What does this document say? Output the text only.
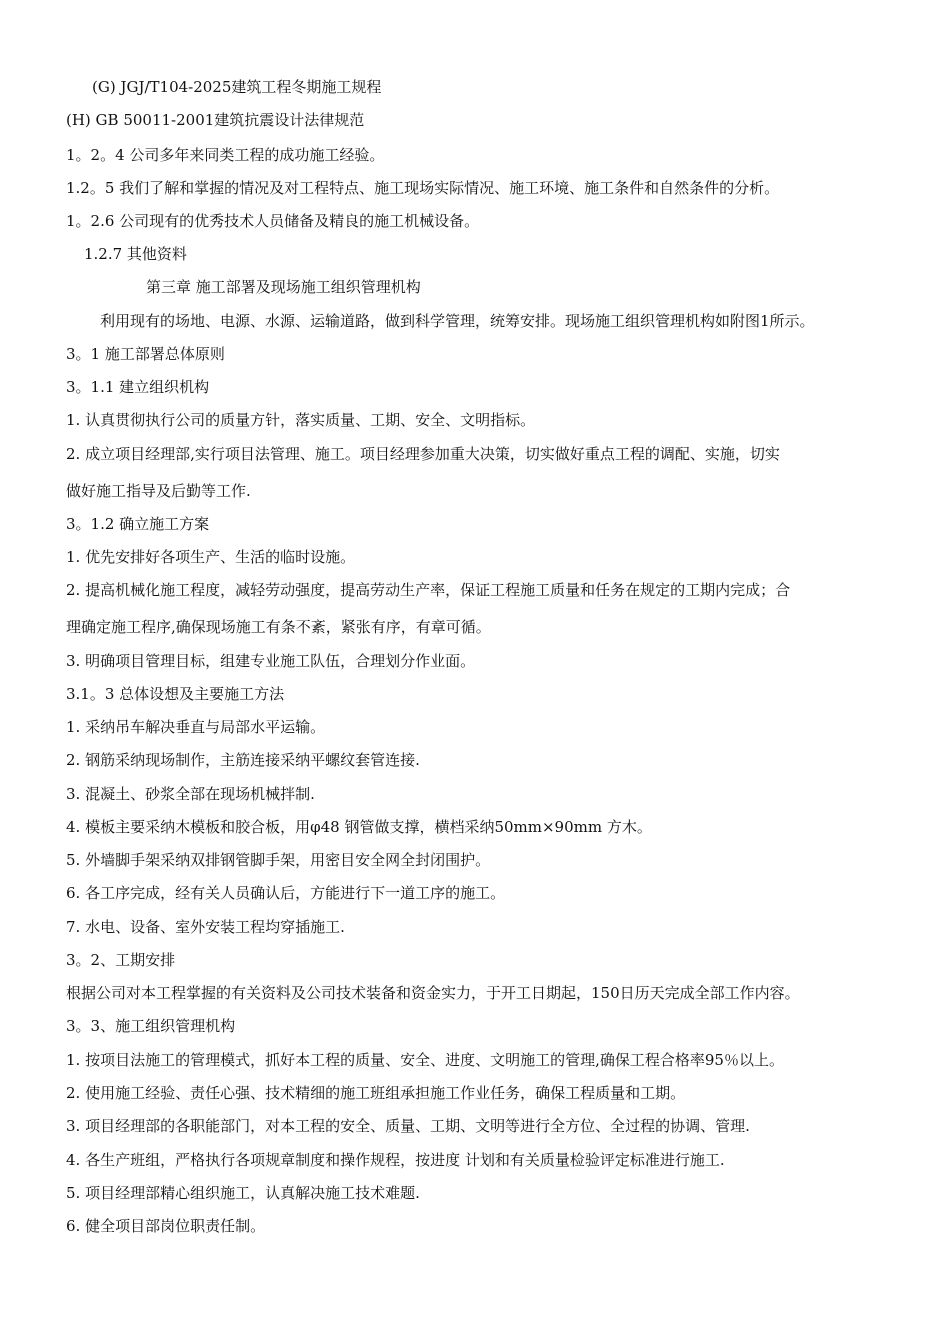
(G) JGJ/T104-2025建筑工程冬期施工规程
(H) GB 50011-2001建筑抗震设计法律规范
1。2。4 公司多年来同类工程的成功施工经验。
1.2。5 我们了解和掌握的情况及对工程特点、施工现场实际情况、施工环境、施工条件和自然条件的分析。
1。2.6 公司现有的优秀技术人员储备及精良的施工机械设备。
1.2.7 其他资料
第三章 施工部署及现场施工组织管理机构
利用现有的场地、电源、水源、运输道路，做到科学管理，统筹安排。现场施工组织管理机构如附图1所示。
3。1 施工部署总体原则
3。1.1 建立组织机构
1. 认真贯彻执行公司的质量方针，落实质量、工期、安全、文明指标。
2. 成立项目经理部,实行项目法管理、施工。项目经理参加重大决策，切实做好重点工程的调配、实施，切实
做好施工指导及后勤等工作.
3。1.2 确立施工方案
1. 优先安排好各项生产、生活的临时设施。
2. 提高机械化施工程度，减轻劳动强度，提高劳动生产率，保证工程施工质量和任务在规定的工期内完成；合
理确定施工程序,确保现场施工有条不紊，紧张有序，有章可循。
3. 明确项目管理目标，组建专业施工队伍，合理划分作业面。
3.1。3 总体设想及主要施工方法
1. 采纳吊车解决垂直与局部水平运输。
2. 钢筋采纳现场制作，主筋连接采纳平螺纹套管连接.
3. 混凝土、砂浆全部在现场机械拌制.
4. 模板主要采纳木模板和胶合板，用φ48 钢管做支撑，横档采纳50mm×90mm 方木。
5. 外墙脚手架采纳双排钢管脚手架，用密目安全网全封闭围护。
6. 各工序完成，经有关人员确认后，方能进行下一道工序的施工。
7. 水电、设备、室外安装工程均穿插施工.
3。2、工期安排
根据公司对本工程掌握的有关资料及公司技术装备和资金实力，于开工日期起，150日历天完成全部工作内容。
3。3、施工组织管理机构
1. 按项目法施工的管理模式，抓好本工程的质量、安全、进度、文明施工的管理,确保工程合格率95％以上。
2. 使用施工经验、责任心强、技术精细的施工班组承担施工作业任务，确保工程质量和工期。
3. 项目经理部的各职能部门，对本工程的安全、质量、工期、文明等进行全方位、全过程的协调、管理.
4. 各生产班组，严格执行各项规章制度和操作规程，按进度 计划和有关质量检验评定标准进行施工.
5. 项目经理部精心组织施工，认真解决施工技术难题.
6. 健全项目部岗位职责任制。
